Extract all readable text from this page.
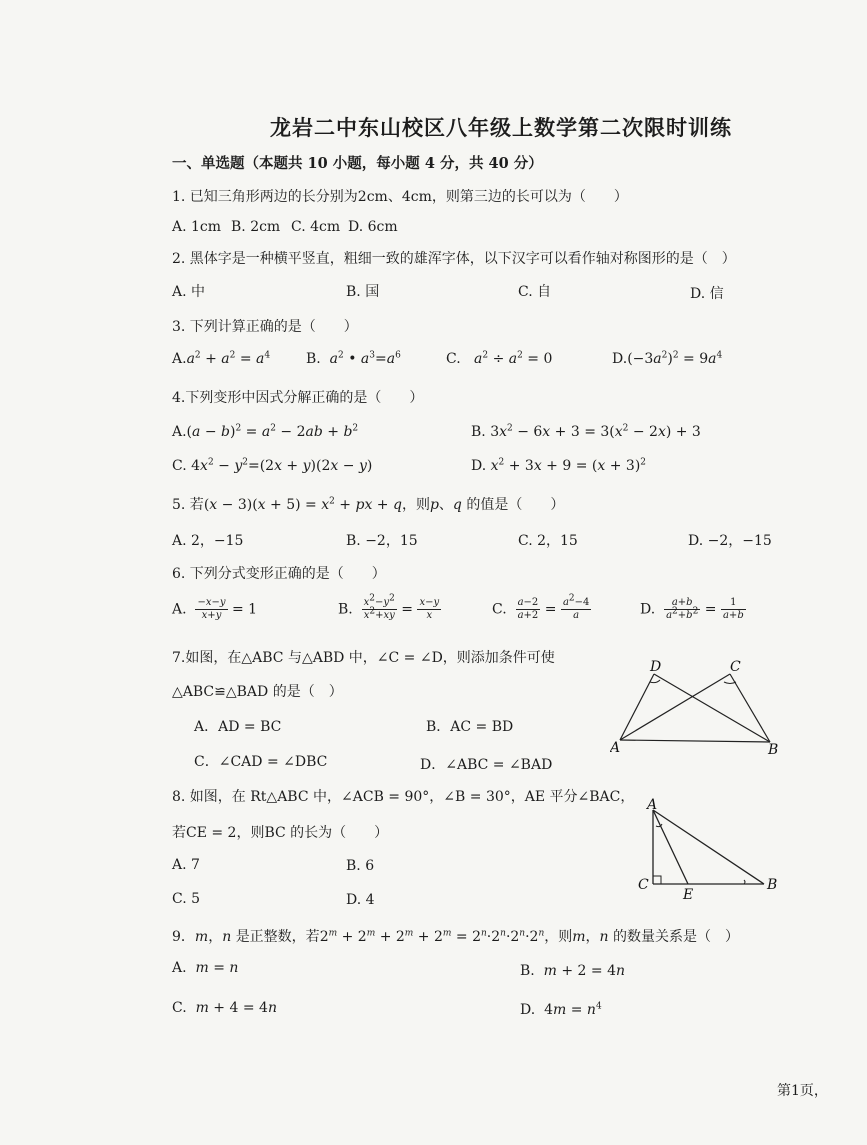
龙岩二中东山校区八年级上数学第二次限时训练
一、单选题（本题共 10 小题，每小题 4 分，共 40 分）
1. 已知三角形两边的长分别为2cm、4cm，则第三边的长可以为（　　）
A. 1cm B. 2cm C. 4cm D. 6cm
2. 黑体字是一种横平竖直，粗细一致的雄浑字体，以下汉字可以看作轴对称图形的是（　）
A. 中	B. 国	C. 自	D. 信
3. 下列计算正确的是（　　）
$A.a^2 + a^2 = a^4$	B. $a^2$ • $a^3=a^6$	C. $a^2 \div a^2 = 0$	$D.(-3a^2)^2 = 9a^4$
4.下列变形中因式分解正确的是（　　）
$A.(a - b)^2 = a^2 - 2ab + b^2$	B. $3x^2 - 6x + 3 = 3(x^2 - 2x) + 3$
C. $4x^2 - y^2=(2x + y)(2x - y)$	D. $x^2 + 3x + 9 = (x + 3)^2$
5. 若$(x - 3)(x + 5) = x^2$ + px + q，则p、q 的值是（　　）
A. 2，−15	B. −2，15	C. 2，15	D. −2，−15
6. 下列分式变形正确的是（　　）
A. $\frac{-x-y}{x+y} = 1$	B. $\frac{x^2-y^2}{x^2+xy} = \frac{x-y}{x}$	C. $\frac{a-2}{a+2} = \frac{a^2-4}{a}$	D. $\frac{a+b}{a^2+b^2} = \frac{1}{a+b}$
7.如图，在△ABC 与△ABD 中，∠C = ∠D，则添加条件可使
△ABC≌△BAD 的是（　）
A．AD = BC	B．AC = BD
C．∠CAD = ∠DBC	D．∠ABC = ∠BAD
D	C
A	B
8. 如图，在 Rt△ABC 中，∠ACB = 90°，∠B = 30°，AE 平分∠BAC，
若CE = 2，则BC 的长为（　　）
A. 7	B. 6
C. 5	D. 4
A
C
E
B
9．m，n 是正整数，若$2^m + 2^m + 2^m + 2^m = 2^n\cdot 2^n\cdot 2^n\cdot 2^n$，则m，n 的数量关系是（　）
A.  m = n	B.  m + 2 = 4n
C.  m + 4 = 4n	D.  $4m = n^4$
第1页，
